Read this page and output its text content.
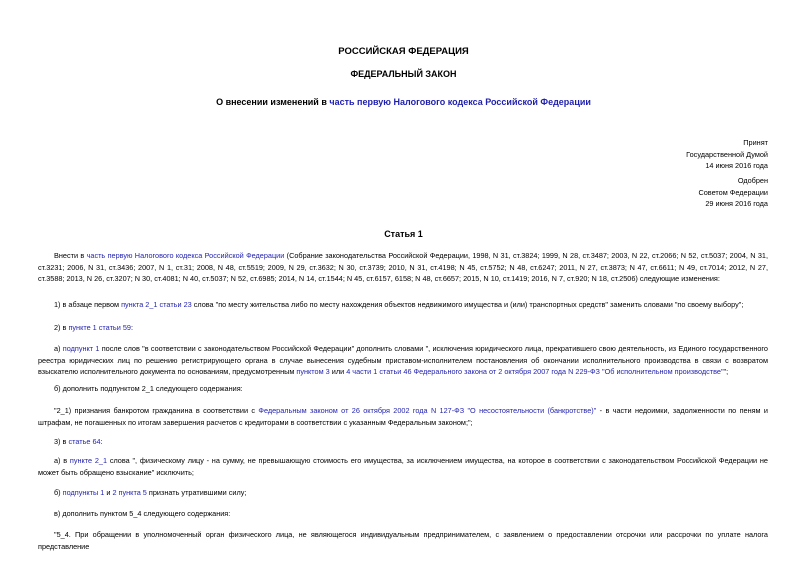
РОССИЙСКАЯ ФЕДЕРАЦИЯ
ФЕДЕРАЛЬНЫЙ ЗАКОН
О внесении изменений в часть первую Налогового кодекса Российской Федерации
Принят
Государственной Думой
14 июня 2016 года
Одобрен
Советом Федерации
29 июня 2016 года
Статья 1
Внести в часть первую Налогового кодекса Российской Федерации (Собрание законодательства Российской Федерации, 1998, N 31, ст.3824; 1999, N 28, ст.3487; 2003, N 22, ст.2066; N 52, ст.5037; 2004, N 31, ст.3231; 2006, N 31, ст.3436; 2007, N 1, ст.31; 2008, N 48, ст.5519; 2009, N 29, ст.3632; N 30, ст.3739; 2010, N 31, ст.4198; N 45, ст.5752; N 48, ст.6247; 2011, N 27, ст.3873; N 47, ст.6611; N 49, ст.7014; 2012, N 27, ст.3588; 2013, N 26, ст.3207; N 30, ст.4081; N 40, ст.5037; N 52, ст.6985; 2014, N 14, ст.1544; N 45, ст.6157, 6158; N 48, ст.6657; 2015, N 10, ст.1419; 2016, N 7, ст.920; N 18, ст.2506) следующие изменения:
1) в абзаце первом пункта 2_1 статьи 23 слова "по месту жительства либо по месту нахождения объектов недвижимого имущества и (или) транспортных средств" заменить словами "по своему выбору";
2) в пункте 1 статьи 59:
а) подпункт 1 после слов "в соответствии с законодательством Российской Федерации" дополнить словами ", исключения юридического лица, прекратившего свою деятельность, из Единого государственного реестра юридических лиц по решению регистрирующего органа в случае вынесения судебным приставом-исполнителем постановления об окончании исполнительного производства в связи с возвратом взыскателю исполнительного документа по основаниям, предусмотренным пунктом 3 или 4 части 1 статьи 46 Федерального закона от 2 октября 2007 года N 229-ФЗ "Об исполнительном производстве"";
б) дополнить подпунктом 2_1 следующего содержания:
"2_1) признания банкротом гражданина в соответствии с Федеральным законом от 26 октября 2002 года N 127-ФЗ "О несостоятельности (банкротстве)" - в части недоимки, задолженности по пеням и штрафам, не погашенных по итогам завершения расчетов с кредиторами в соответствии с указанным Федеральным законом;";
3) в статье 64:
а) в пункте 2_1 слова ", физическому лицу - на сумму, не превышающую стоимость его имущества, за исключением имущества, на которое в соответствии с законодательством Российской Федерации не может быть обращено взыскание" исключить;
б) подпункты 1 и 2 пункта 5 признать утратившими силу;
в) дополнить пунктом 5_4 следующего содержания:
"5_4. При обращении в уполномоченный орган физического лица, не являющегося индивидуальным предпринимателем, с заявлением о предоставлении отсрочки или рассрочки по уплате налога представление
